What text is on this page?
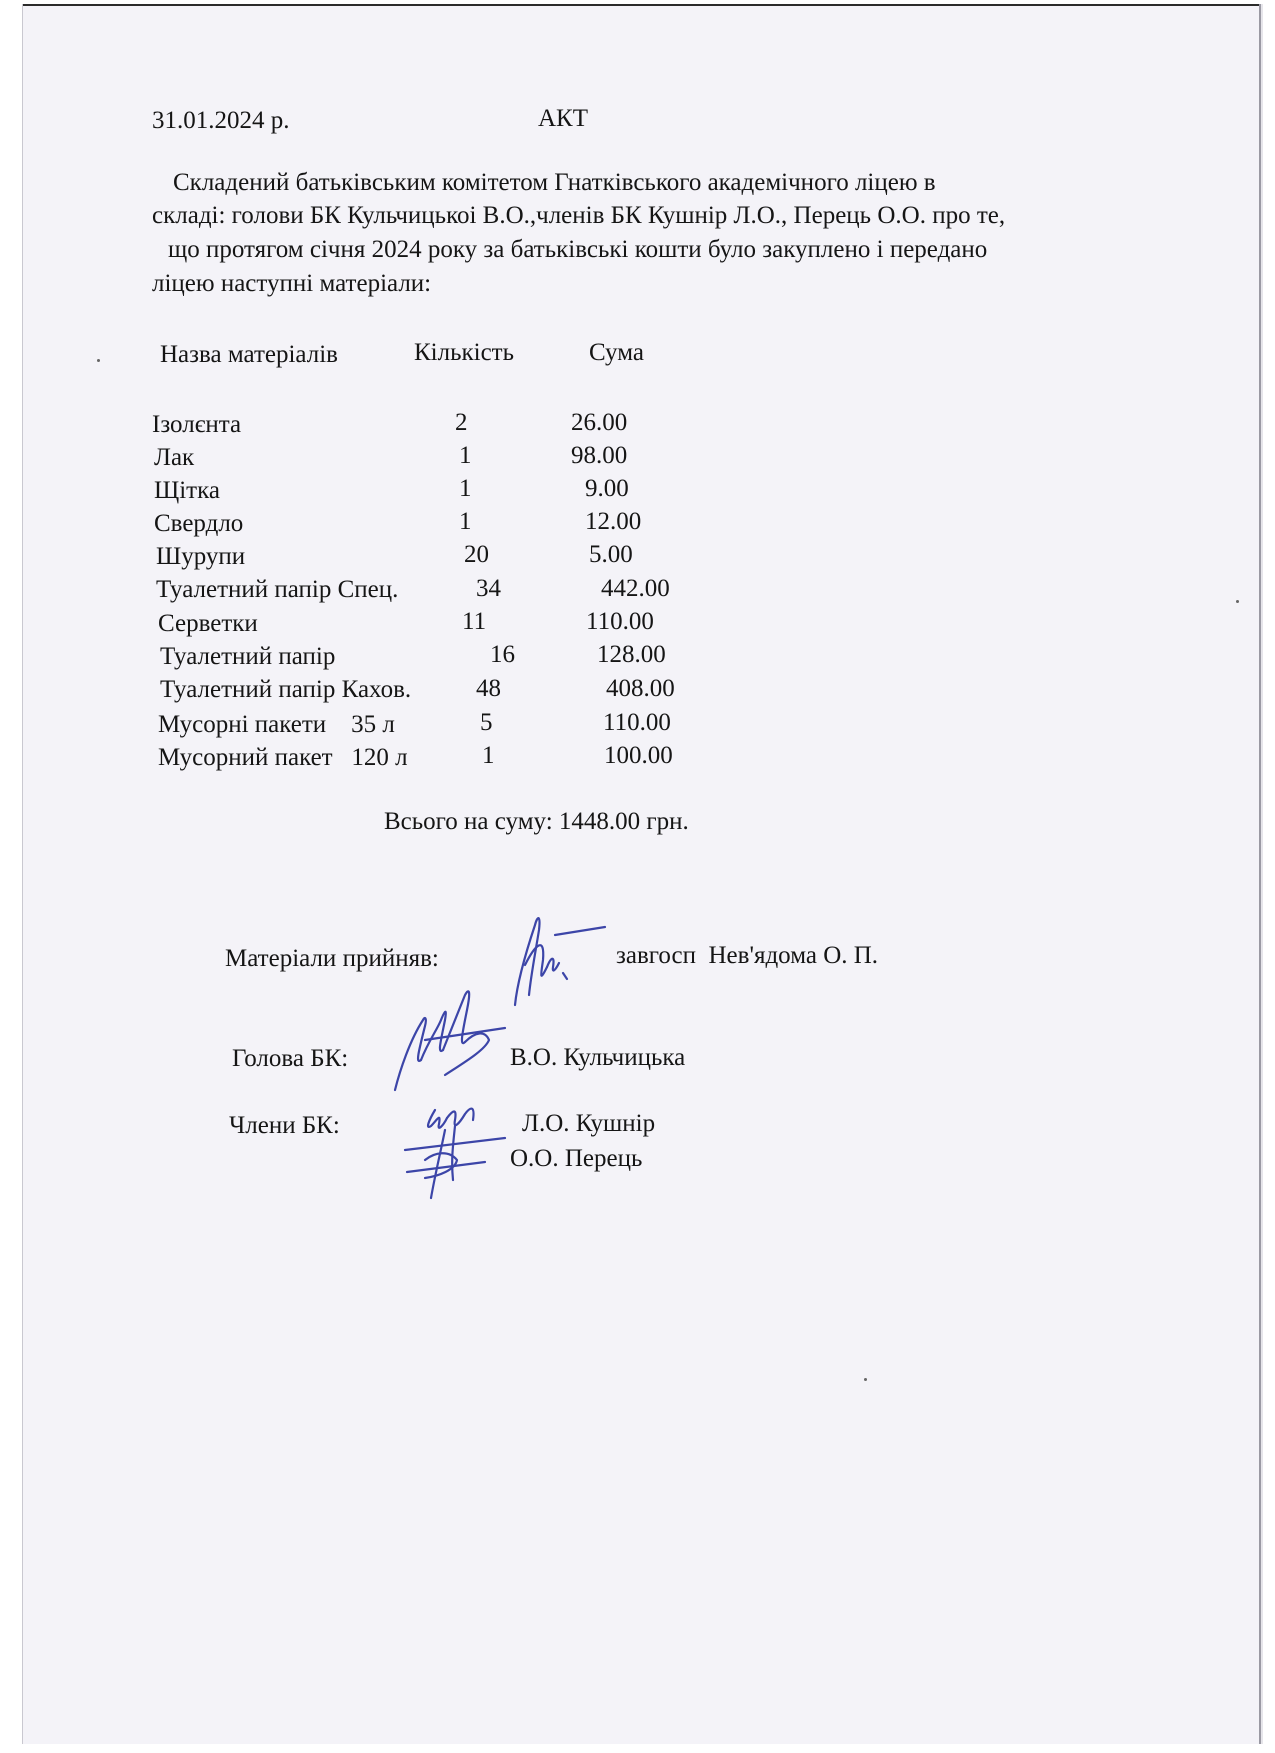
31.01.2024 р.	АКТ
Складений батьківським комітетом Гнатківського академічного ліцею в
складі: голови БК Кульчицькоі В.О.,членів БК Кушнір Л.О., Перець О.О. про те,
що протягом січня 2024 року за батьківські кошти було закуплено і передано
ліцею наступні матеріали:
Назва матеріалів	Кількість	Сума
Ізолєнта	2	26.00
Лак	1	98.00
Щітка	1	9.00
Свердло	1	12.00
Шурупи	20	5.00
Туалетний папір Спец.	34	442.00
Серветки	11	110.00
Туалетний папір	16	128.00
Туалетний папір Кахов.	48	408.00
Мусорні пакети    35 л	5	110.00
Мусорний пакет   120 л	1	100.00
Всього на суму: 1448.00 грн.
Матеріали прийняв:	завгосп  Нев'ядома О. П.
Голова БК:	В.О. Кульчицька
Члени БК:	Л.О. Кушнір
О.О. Перець
